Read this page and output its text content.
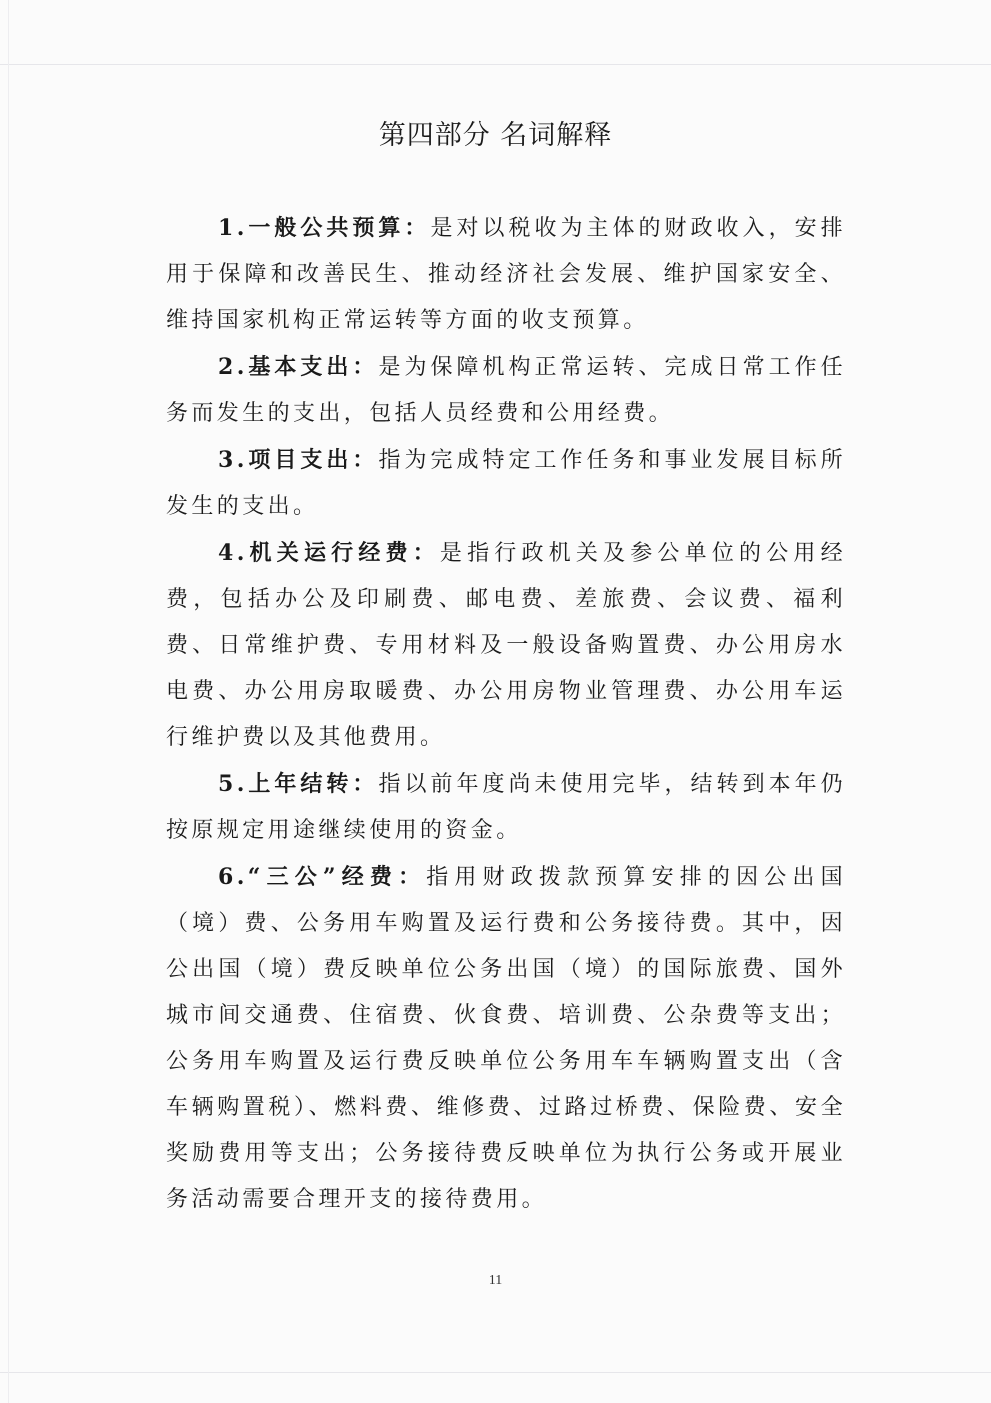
第四部分 名词解释

1.一般公共预算：是对以税收为主体的财政收入，安排用于保障和改善民生、推动经济社会发展、维护国家安全、维持国家机构正常运转等方面的收支预算。

2.基本支出：是为保障机构正常运转、完成日常工作任务而发生的支出，包括人员经费和公用经费。

3.项目支出：指为完成特定工作任务和事业发展目标所发生的支出。

4.机关运行经费：是指行政机关及参公单位的公用经费，包括办公及印刷费、邮电费、差旅费、会议费、福利费、日常维护费、专用材料及一般设备购置费、办公用房水电费、办公用房取暖费、办公用房物业管理费、办公用车运行维护费以及其他费用。

5.上年结转：指以前年度尚未使用完毕，结转到本年仍按原规定用途继续使用的资金。

6.“三公”经费：指用财政拨款预算安排的因公出国（境）费、公务用车购置及运行费和公务接待费。其中，因公出国（境）费反映单位公务出国（境）的国际旅费、国外城市间交通费、住宿费、伙食费、培训费、公杂费等支出；公务用车购置及运行费反映单位公务用车车辆购置支出（含车辆购置税）、燃料费、维修费、过路过桥费、保险费、安全奖励费用等支出；公务接待费反映单位为执行公务或开展业务活动需要合理开支的接待费用。

11
